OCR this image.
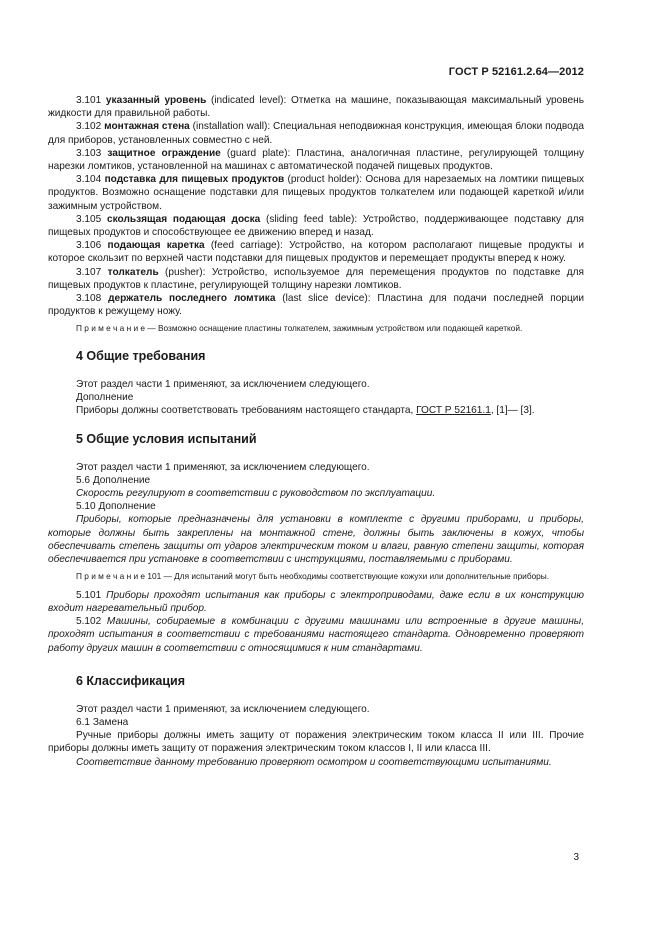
ГОСТ Р 52161.2.64—2012

3.101 указанный уровень (indicated level): Отметка на машине, показывающая максимальный уровень жидкости для правильной работы.

3.102 монтажная стена (installation wall): Специальная неподвижная конструкция, имеющая блоки подвода для приборов, установленных совместно с ней.

3.103 защитное ограждение (guard plate): Пластина, аналогичная пластине, регулирующей толщину нарезки ломтиков, установленной на машинах с автоматической подачей пищевых продуктов.

3.104 подставка для пищевых продуктов (product holder): Основа для нарезаемых на ломтики пищевых продуктов. Возможно оснащение подставки для пищевых продуктов толкателем или подающей кареткой и/или зажимным устройством.

3.105 скользящая подающая доска (sliding feed table): Устройство, поддерживающее подставку для пищевых продуктов и способствующее ее движению вперед и назад.

3.106 подающая каретка (feed carriage): Устройство, на котором располагают пищевые продукты и которое скользит по верхней части подставки для пищевых продуктов и перемещает продукты вперед к ножу.

3.107 толкатель (pusher): Устройство, используемое для перемещения продуктов по подставке для пищевых продуктов к пластине, регулирующей толщину нарезки ломтиков.

3.108 держатель последнего ломтика (last slice device): Пластина для подачи последней порции продуктов к режущему ножу.

П р и м е ч а н и е — Возможно оснащение пластины толкателем, зажимным устройством или подающей кареткой.

4 Общие требования

Этот раздел части 1 применяют, за исключением следующего.

Дополнение

Приборы должны соответствовать требованиям настоящего стандарта, ГОСТ Р 52161.1, [1]— [3].

5 Общие условия испытаний

Этот раздел части 1 применяют, за исключением следующего.

5.6 Дополнение

Скорость регулируют в соответствии с руководством по эксплуатации.

5.10 Дополнение

Приборы, которые предназначены для установки в комплекте с другими приборами, и приборы, которые должны быть закреплены на монтажной стене, должны быть заключены в кожух, чтобы обеспечивать степень защиты от ударов электрическим током и влаги, равную степени защиты, которая обеспечивается при установке в соответствии с инструкциями, поставляемыми с приборами.

П р и м е ч а н и е 101 — Для испытаний могут быть необходимы соответствующие кожухи или дополнительные приборы.

5.101 Приборы проходят испытания как приборы с электроприводами, даже если в их конструкцию входит нагревательный прибор.

5.102 Машины, собираемые в комбинации с другими машинами или встроенные в другие машины, проходят испытания в соответствии с требованиями настоящего стандарта. Одновременно проверяют работу других машин в соответствии с относящимися к ним стандартами.

6 Классификация

Этот раздел части 1 применяют, за исключением следующего.

6.1 Замена

Ручные приборы должны иметь защиту от поражения электрическим током класса II или III. Прочие приборы должны иметь защиту от поражения электрическим током классов I, II или класса III.

Соответствие данному требованию проверяют осмотром и соответствующими испытаниями.

3
